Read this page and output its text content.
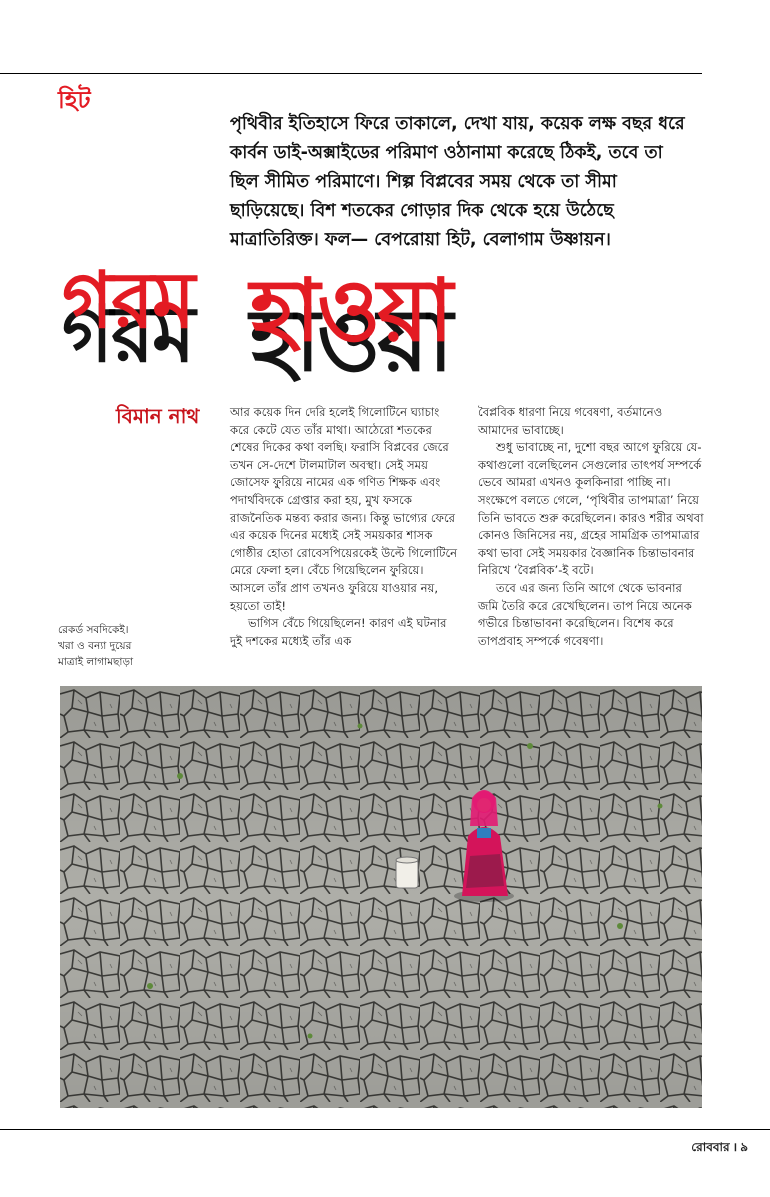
হিট

পৃথিবীর ইতিহাসে ফিরে তাকালে, দেখা যায়, কয়েক লক্ষ বছর ধরে কার্বন ডাই-অক্সাইডের পরিমাণ ওঠানামা করেছে ঠিকই, তবে তা ছিল সীমিত পরিমাণে। শিল্প বিপ্লবের সময় থেকে তা সীমা ছাড়িয়েছে। বিশ শতকের গোড়ার দিক থেকে হয়ে উঠেছে মাত্রাতিরিক্ত। ফল— বেপরোয়া হিট, বেলাগাম উষ্ণায়ন।

গরম হাওয়া
বিমান নাথ	আর কয়েক দিন দেরি হলেই গিলোটিনে ঘ্যাচাং করে কেটে যেত তাঁর মাথা। আঠেরো শতকের শেষের দিকের কথা বলছি। ফরাসি বিপ্লবের জেরে তখন সে-দেশে টালমাটাল অবস্থা। সেই সময় জোসেফ ফুরিয়ে নামের এক গণিত শিক্ষক এবং পদার্থবিদকে গ্রেপ্তার করা হয়, মুখ ফসকে রাজনৈতিক মন্তব্য করার জন্য। কিন্তু ভাগ্যের ফেরে এর কয়েক দিনের মধ্যেই সেই সময়কার শাসক গোষ্ঠীর হোতা রোবেসপিয়েরকেই উল্টে গিলোটিনে মেরে ফেলা হল। বেঁচে গিয়েছিলেন ফুরিয়ে। আসলে তাঁর প্রাণ তখনও ফুরিয়ে যাওয়ার নয়, হয়তো তাই!

ভাগিস বেঁচে গিয়েছিলেন! কারণ এই ঘটনার দুই দশকের মধ্যেই তাঁর এক

বৈপ্লবিক ধারণা নিয়ে গবেষণা, বর্তমানেও আমাদের ভাবাচ্ছে।

শুধু ভাবাচ্ছে না, দুশো বছর আগে ফুরিয়ে যে-কথাগুলো বলেছিলেন সেগুলোর তাৎপর্য সম্পর্কে ভেবে আমরা এখনও কূলকিনারা পাচ্ছি না। সংক্ষেপে বলতে গেলে, ‘পৃথিবীর তাপমাত্রা’ নিয়ে তিনি ভাবতে শুরু করেছিলেন। কারও শরীর অথবা কোনও জিনিসের নয়, গ্রহের সামগ্রিক তাপমাত্রার কথা ভাবা সেই সময়কার বৈজ্ঞানিক চিন্তাভাবনার নিরিখে ‘বৈপ্লবিক’-ই বটে।

তবে এর জন্য তিনি আগে থেকে ভাবনার জমি তৈরি করে রেখেছিলেন। তাপ নিয়ে অনেক গভীরে চিন্তাভাবনা করেছিলেন। বিশেষ করে তাপপ্রবাহ সম্পর্কে গবেষণা।

রেকর্ড সবদিকেই।
খরা ও বন্যা দুয়ের
মাত্রাই লাগামছাড়া
রোববার । ৯
